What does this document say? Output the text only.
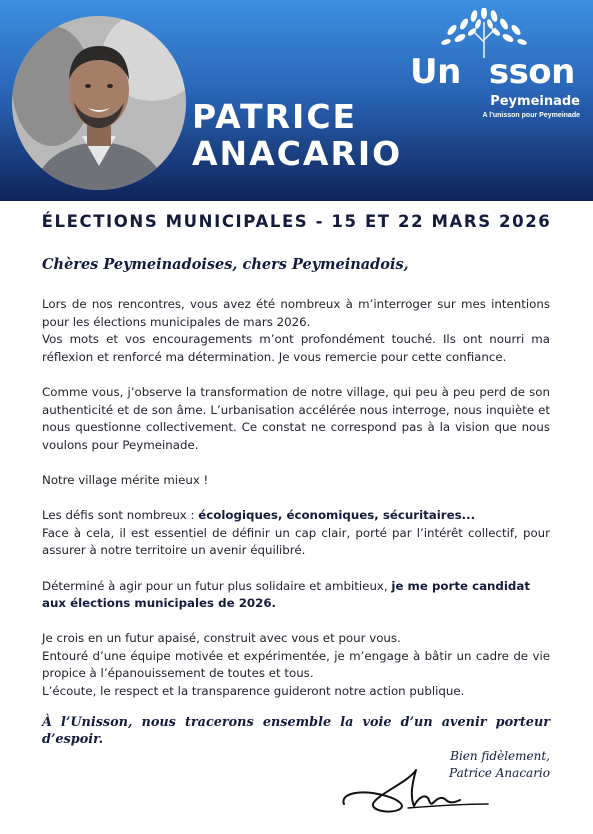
PATRICE
ANACARIO
Un sson
Peymeinade
A l'unisson pour Peymeinade
ÉLECTIONS MUNICIPALES - 15 ET 22 MARS 2026
Chères Peymeinadoises, chers Peymeinadois,

Lors de nos rencontres, vous avez été nombreux à m’interroger sur mes intentions pour les élections municipales de mars 2026.
Vos mots et vos encouragements m’ont profondément touché. Ils ont nourri ma réflexion et renforcé ma détermination. Je vous remercie pour cette confiance.

Comme vous, j’observe la transformation de notre village, qui peu à peu perd de son authenticité et de son âme. L’urbanisation accélérée nous interroge, nous inquiète et nous questionne collectivement. Ce constat ne correspond pas à la vision que nous voulons pour Peymeinade.

Notre village mérite mieux !

Les défis sont nombreux : écologiques, économiques, sécuritaires...
Face à cela, il est essentiel de définir un cap clair, porté par l’intérêt collectif, pour assurer à notre territoire un avenir équilibré.

Déterminé à agir pour un futur plus solidaire et ambitieux, je me porte candidat aux élections municipales de 2026.

Je crois en un futur apaisé, construit avec vous et pour vous.
Entouré d’une équipe motivée et expérimentée, je m’engage à bâtir un cadre de vie propice à l’épanouissement de toutes et tous.
L’écoute, le respect et la transparence guideront notre action publique.

À l’Unisson, nous tracerons ensemble la voie d’un avenir porteur d’espoir.
Bien fidèlement,
Patrice Anacario
